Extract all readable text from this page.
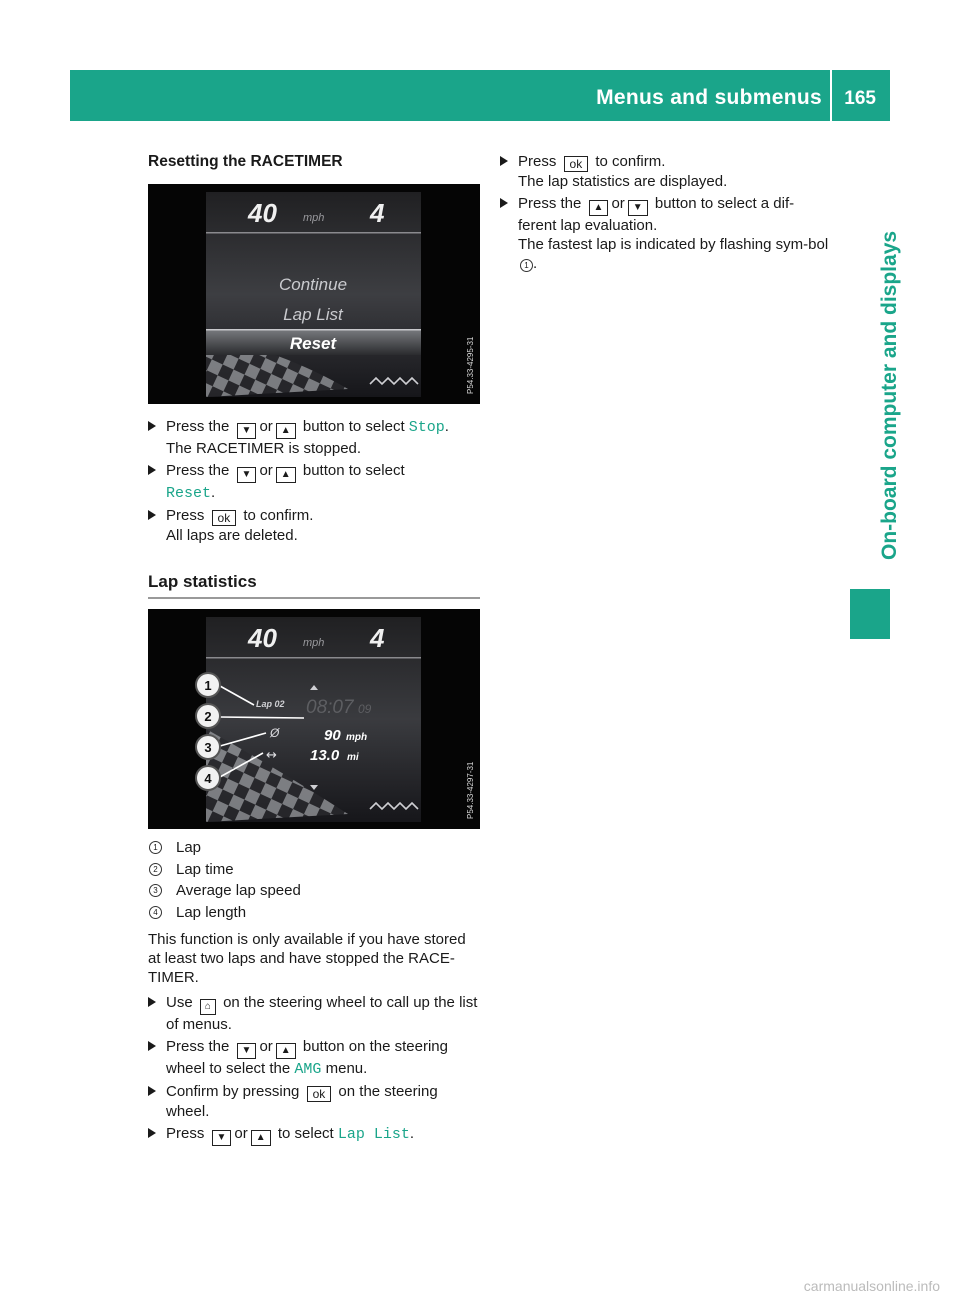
Menus and submenus 165
On-board computer and displays
Resetting the RACETIMER
40 mph 4
Continue
Lap List
Reset	P54.33-4295-31
Press the ▼ or ▲ button to select Stop.
The RACETIMER is stopped.
Press the ▼ or ▲ button to select
Reset.
Press ok to confirm.
All laps are deleted.
Lap statistics
40 mph 4
Lap 02 08:07 09
Ø	90 mph
↔ 13.0 mi
1
2
3
4	P54.33-4297-31
1 Lap
2 Lap time
3 Average lap speed
4 Lap length
This function is only available if you have stored at least two laps and have stopped the RACE-TIMER.
Use ⌂ on the steering wheel to call up the list of menus.
Press the ▼ or ▲ button on the steering wheel to select the AMG menu.
Confirm by pressing ok on the steering wheel.
Press ▼ or ▲ to select Lap List.
Press ok to confirm.
The lap statistics are displayed.
Press the ▲ or ▼ button to select a dif-ferent lap evaluation.
The fastest lap is indicated by flashing sym-bol 1 .
carmanualsonline.info
